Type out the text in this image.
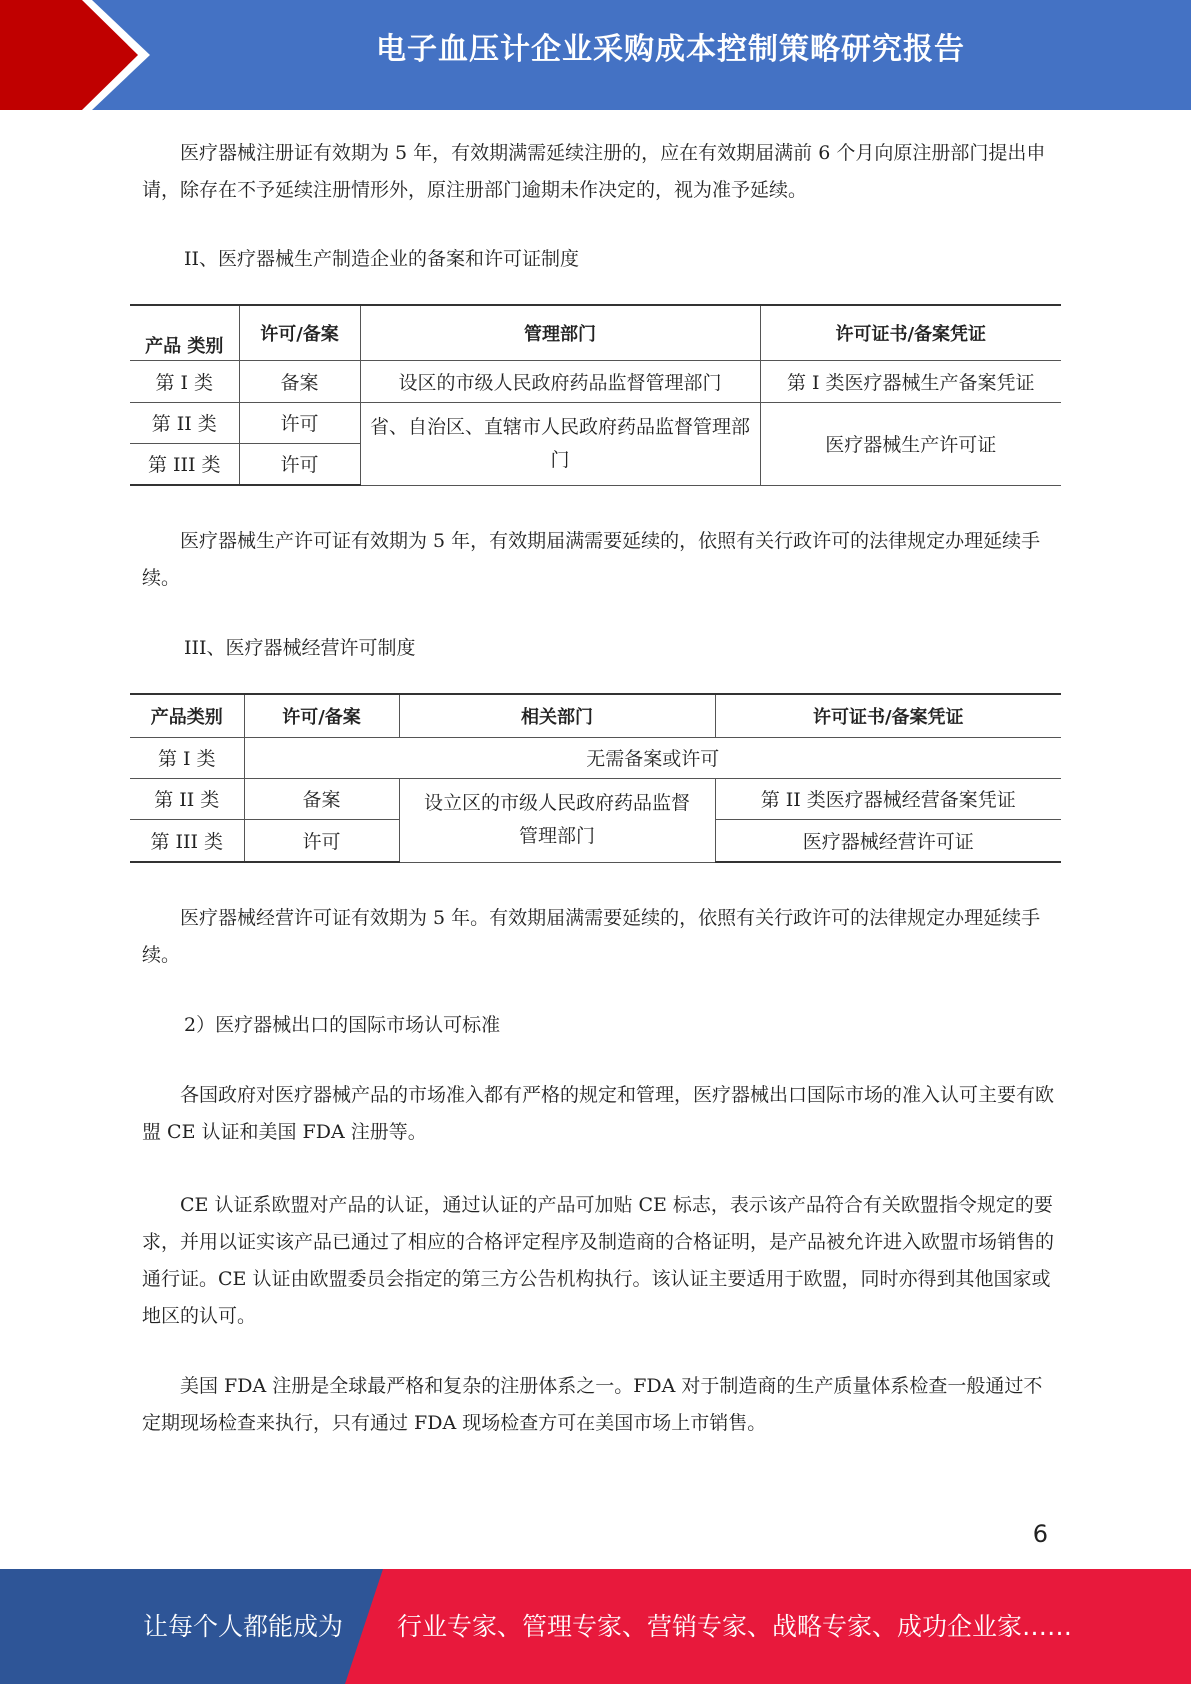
电子血压计企业采购成本控制策略研究报告

医疗器械注册证有效期为 5 年，有效期满需延续注册的，应在有效期届满前 6 个月向原注册部门提出申请，除存在不予延续注册情形外，原注册部门逾期未作决定的，视为准予延续。

II、医疗器械生产制造企业的备案和许可证制度

产品 类别	许可/备案	管理部门	许可证书/备案凭证
第 I 类	备案	设区的市级人民政府药品监督管理部门	第 I 类医疗器械生产备案凭证
第 II 类	许可	省、自治区、直辖市人民政府药品监督管理部门	医疗器械生产许可证
第 III 类	许可		

医疗器械生产许可证有效期为 5 年，有效期届满需要延续的，依照有关行政许可的法律规定办理延续手续。

III、医疗器械经营许可制度

产品类别	许可/备案	相关部门	许可证书/备案凭证
第 I 类	无需备案或许可		
第 II 类	备案	设立区的市级人民政府药品监督管理部门	第 II 类医疗器械经营备案凭证
第 III 类	许可		医疗器械经营许可证

医疗器械经营许可证有效期为 5 年。有效期届满需要延续的，依照有关行政许可的法律规定办理延续手续。

2）医疗器械出口的国际市场认可标准

各国政府对医疗器械产品的市场准入都有严格的规定和管理，医疗器械出口国际市场的准入认可主要有欧盟 CE 认证和美国 FDA 注册等。

CE 认证系欧盟对产品的认证，通过认证的产品可加贴 CE 标志，表示该产品符合有关欧盟指令规定的要求，并用以证实该产品已通过了相应的合格评定程序及制造商的合格证明，是产品被允许进入欧盟市场销售的通行证。CE 认证由欧盟委员会指定的第三方公告机构执行。该认证主要适用于欧盟，同时亦得到其他国家或地区的认可。

美国 FDA 注册是全球最严格和复杂的注册体系之一。FDA 对于制造商的生产质量体系检查一般通过不定期现场检查来执行，只有通过 FDA 现场检查方可在美国市场上市销售。

6
让每个人都能成为 行业专家、管理专家、营销专家、战略专家、成功企业家……
